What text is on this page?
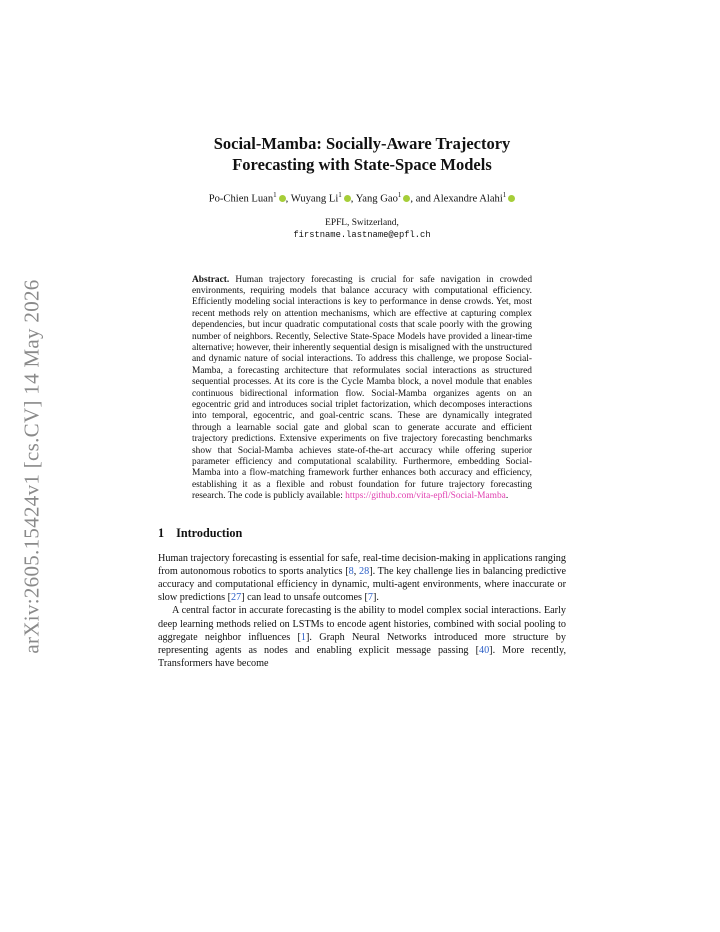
arXiv:2605.15424v1 [cs.CV] 14 May 2026
Social-Mamba: Socially-Aware Trajectory
Forecasting with State-Space Models
Po-Chien Luan$^1$ , Wuyang Li$^1$ , Yang Gao$^1$ , and Alexandre Alahi$^1$
EPFL, Switzerland,
firstname.lastname@epfl.ch
Abstract. Human trajectory forecasting is crucial for safe navigation in crowded environments, requiring models that balance accuracy with computational efficiency. Efficiently modeling social interactions is key to performance in dense crowds. Yet, most recent methods rely on attention mechanisms, which are effective at capturing complex dependencies, but incur quadratic computational costs that scale poorly with the growing number of neighbors. Recently, Selective State-Space Models have provided a linear-time alternative; however, their inherently sequential design is misaligned with the unstructured and dynamic nature of social interactions. To address this challenge, we propose Social-Mamba, a forecasting architecture that reformulates social interactions as structured sequential processes. At its core is the Cycle Mamba block, a novel module that enables continuous bidirectional information flow. Social-Mamba organizes agents on an egocentric grid and introduces social triplet factorization, which decomposes interactions into temporal, egocentric, and goal-centric scans. These are dynamically integrated through a learnable social gate and global scan to generate accurate and efficient trajectory predictions. Extensive experiments on five trajectory forecasting benchmarks show that Social-Mamba achieves state-of-the-art accuracy while offering superior parameter efficiency and computational scalability. Furthermore, embedding Social-Mamba into a flow-matching framework further enhances both accuracy and efficiency, establishing it as a flexible and robust foundation for future trajectory forecasting research. The code is publicly available: https://github.com/vita-epfl/Social-Mamba.
1 Introduction

Human trajectory forecasting is essential for safe, real-time decision-making in applications ranging from autonomous robotics to sports analytics [8, 28]. The key challenge lies in balancing predictive accuracy and computational efficiency in dynamic, multi-agent environments, where inaccurate or slow predictions [27] can lead to unsafe outcomes [7].

A central factor in accurate forecasting is the ability to model complex social interactions. Early deep learning methods relied on LSTMs to encode agent histories, combined with social pooling to aggregate neighbor influences [1]. Graph Neural Networks introduced more structure by representing agents as nodes and enabling explicit message passing [40]. More recently, Transformers have become
